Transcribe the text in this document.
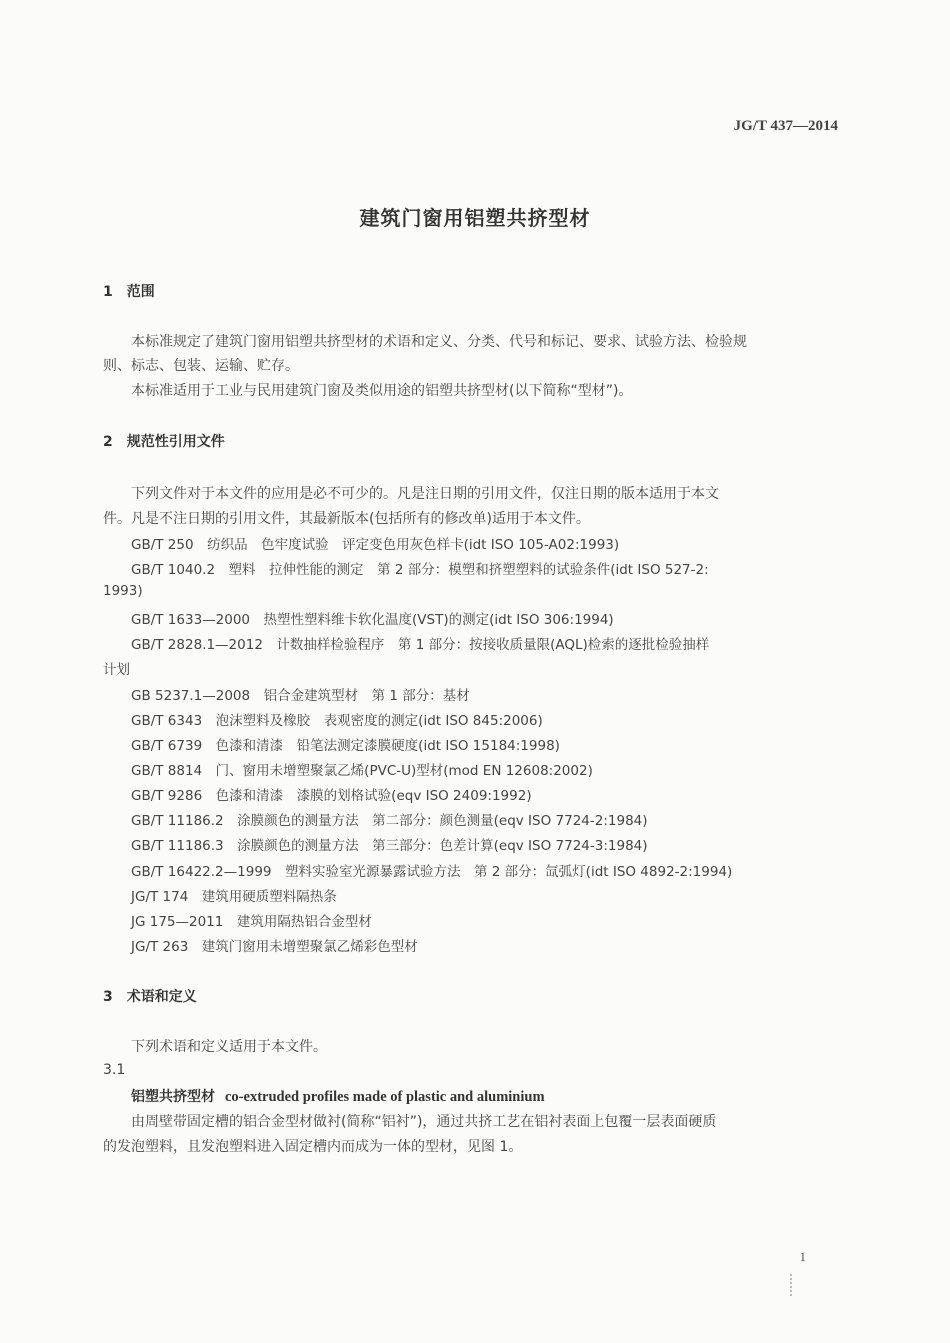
JG/T 437—2014
建筑门窗用铝塑共挤型材
1　范围
本标准规定了建筑门窗用铝塑共挤型材的术语和定义、分类、代号和标记、要求、试验方法、检验规
则、标志、包装、运输、贮存。
本标准适用于工业与民用建筑门窗及类似用途的铝塑共挤型材(以下简称“型材”)。
2　规范性引用文件
下列文件对于本文件的应用是必不可少的。凡是注日期的引用文件，仅注日期的版本适用于本文
件。凡是不注日期的引用文件，其最新版本(包括所有的修改单)适用于本文件。
GB/T 250　 纺织品　色牢度试验　评定变色用灰色样卡(idt ISO 105-A02:1993)
GB/T 1040.2　 塑料　拉伸性能的测定　第 2 部分：模塑和挤塑塑料的试验条件(idt ISO 527-2:
1993)
GB/T 1633—2000　 热塑性塑料维卡软化温度(VST)的测定(idt ISO 306:1994)
GB/T 2828.1—2012　 计数抽样检验程序　第 1 部分：按接收质量限(AQL)检索的逐批检验抽样
计划
GB 5237.1—2008　 铝合金建筑型材　第 1 部分：基材
GB/T 6343　 泡沫塑料及橡胶　表观密度的测定(idt ISO 845:2006)
GB/T 6739　 色漆和清漆　铅笔法测定漆膜硬度(idt ISO 15184:1998)
GB/T 8814　 门、窗用未增塑聚氯乙烯(PVC-U)型材(mod EN 12608:2002)
GB/T 9286　 色漆和清漆　漆膜的划格试验(eqv ISO 2409:1992)
GB/T 11186.2　 涂膜颜色的测量方法　第二部分：颜色测量(eqv ISO 7724-2:1984)
GB/T 11186.3　 涂膜颜色的测量方法　第三部分：色差计算(eqv ISO 7724-3:1984)
GB/T 16422.2—1999　 塑料实验室光源暴露试验方法　第 2 部分：氙弧灯(idt ISO 4892-2:1994)
JG/T 174　 建筑用硬质塑料隔热条
JG 175—2011　 建筑用隔热铝合金型材
JG/T 263　 建筑门窗用未增塑聚氯乙烯彩色型材
3　术语和定义
下列术语和定义适用于本文件。
3.1
铝塑共挤型材 co-extruded profiles made of plastic and aluminium
由周壁带固定槽的铝合金型材做衬(简称“铝衬”)，通过共挤工艺在铝衬表面上包覆一层表面硬质
的发泡塑料，且发泡塑料进入固定槽内而成为一体的型材，见图 1。
1
